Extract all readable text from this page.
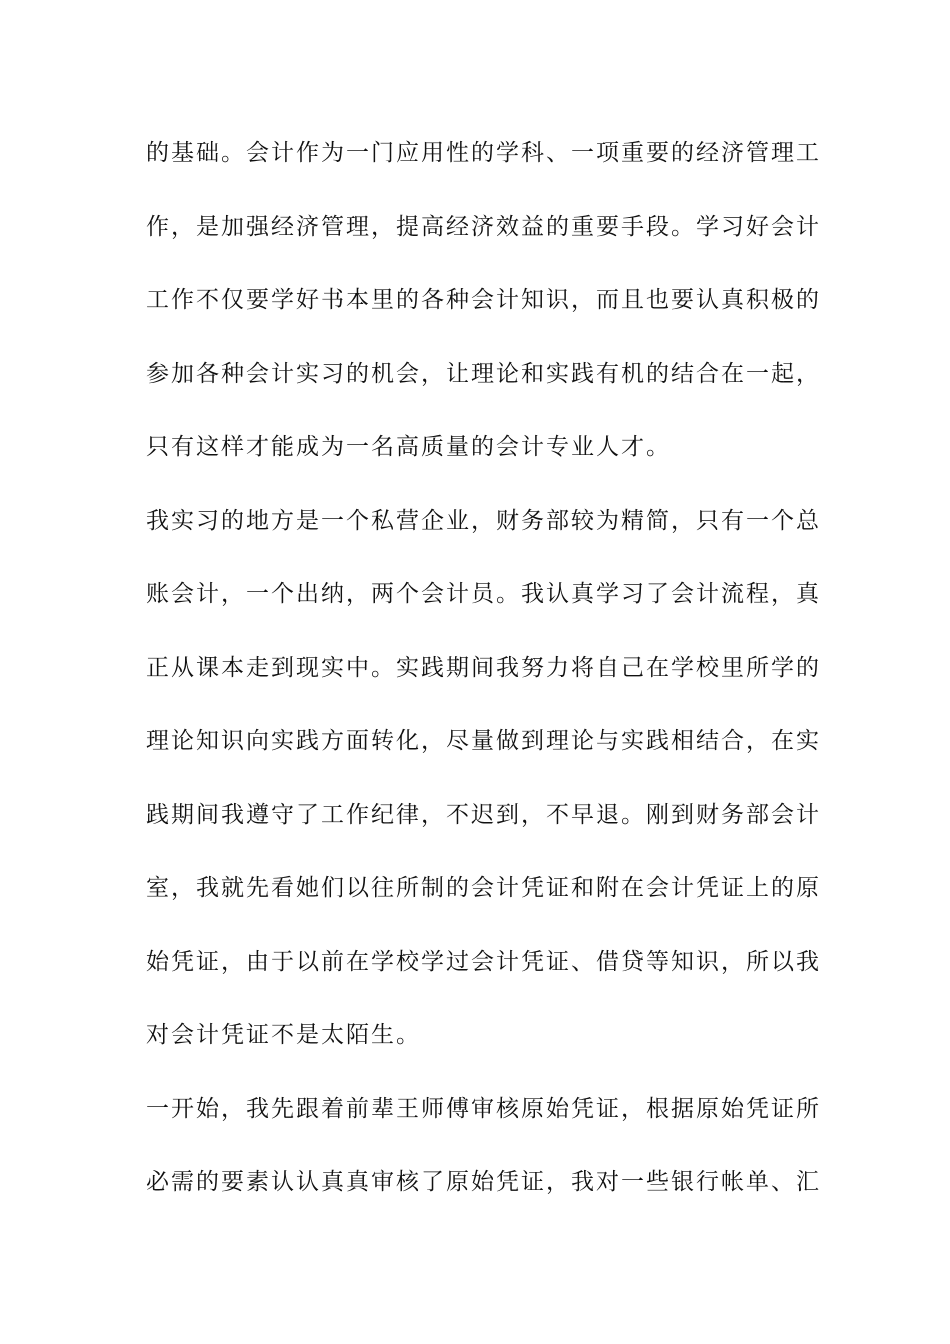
的基础。会计作为一门应用性的学科、一项重要的经济管理工
作，是加强经济管理，提高经济效益的重要手段。学习好会计
工作不仅要学好书本里的各种会计知识，而且也要认真积极的
参加各种会计实习的机会，让理论和实践有机的结合在一起，
只有这样才能成为一名高质量的会计专业人才。
我实习的地方是一个私营企业，财务部较为精简，只有一个总
账会计，一个出纳，两个会计员。我认真学习了会计流程，真
正从课本走到现实中。实践期间我努力将自己在学校里所学的
理论知识向实践方面转化，尽量做到理论与实践相结合，在实
践期间我遵守了工作纪律，不迟到，不早退。刚到财务部会计
室，我就先看她们以往所制的会计凭证和附在会计凭证上的原
始凭证，由于以前在学校学过会计凭证、借贷等知识，所以我
对会计凭证不是太陌生。
一开始，我先跟着前辈王师傅审核原始凭证，根据原始凭证所
必需的要素认认真真审核了原始凭证，我对一些银行帐单、汇
